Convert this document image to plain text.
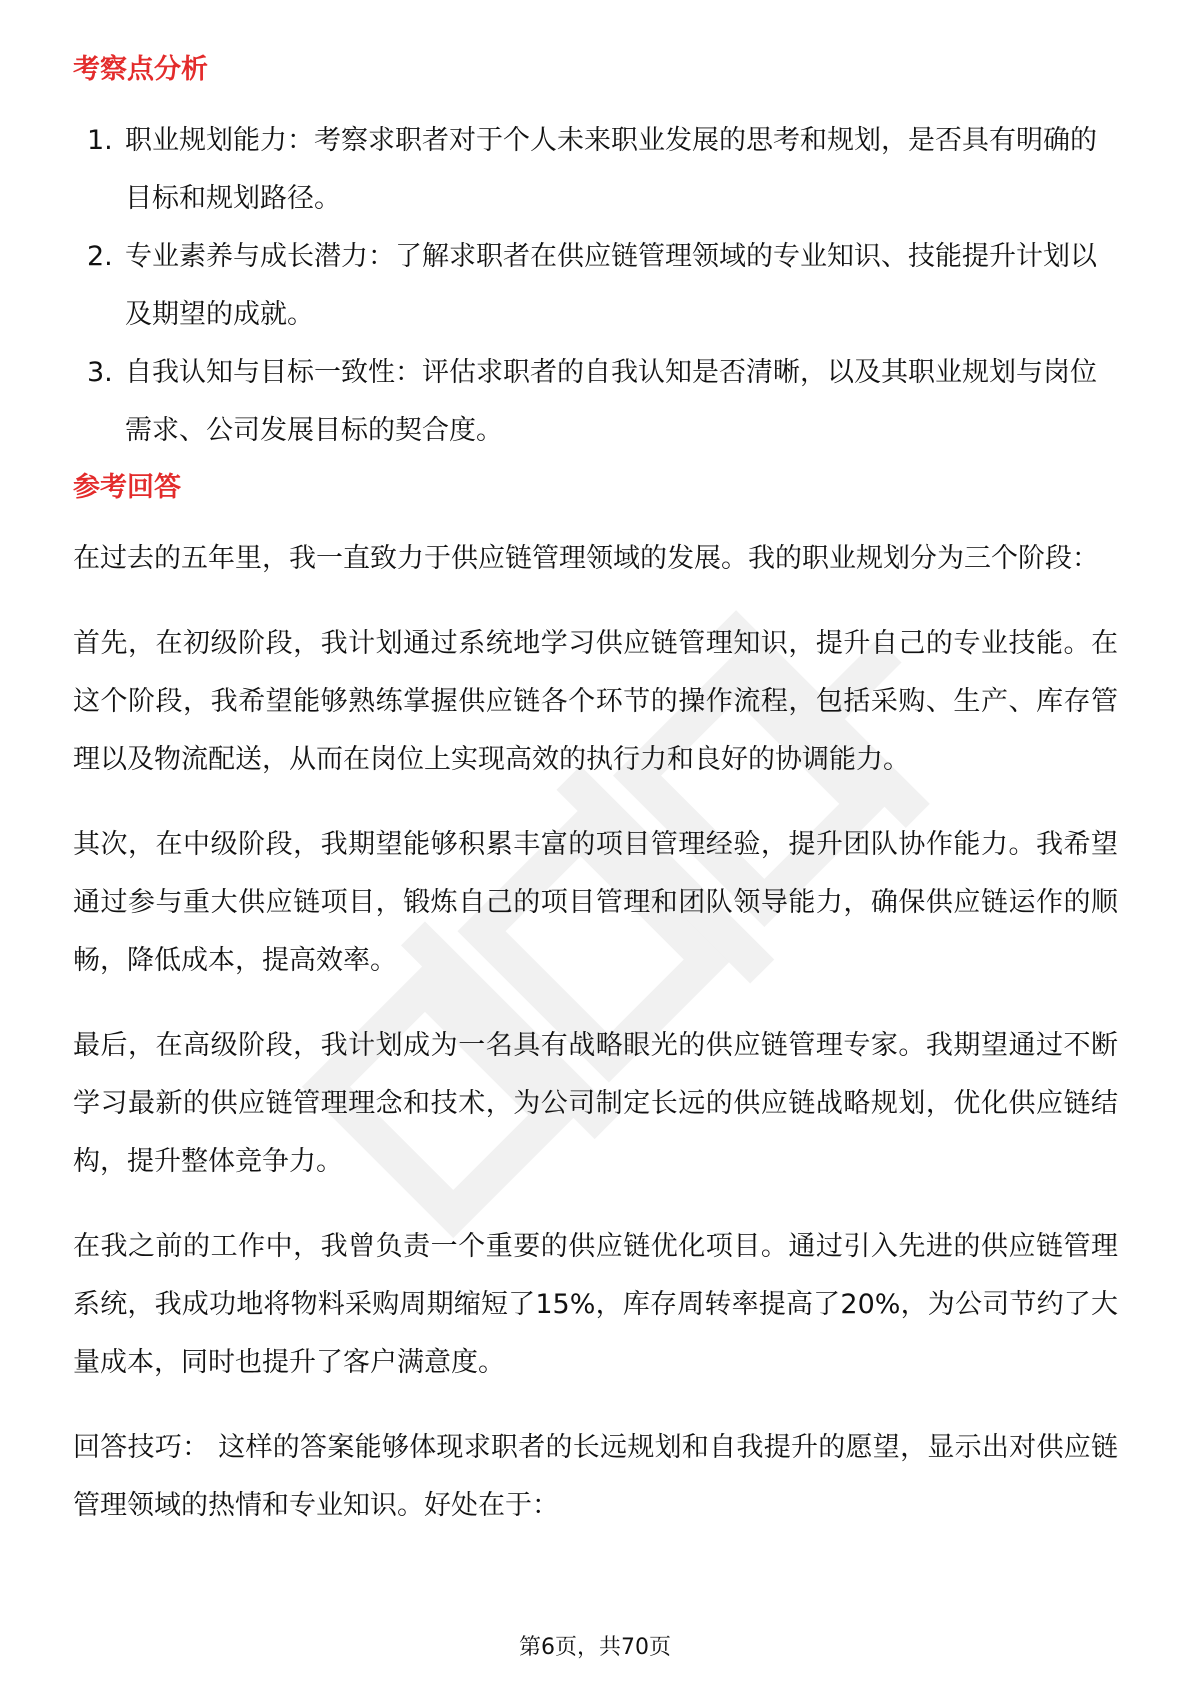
考察点分析
1. 职业规划能力：考察求职者对于个人未来职业发展的思考和规划，是否具有明确的目标和规划路径。
2. 专业素养与成长潜力：了解求职者在供应链管理领域的专业知识、技能提升计划以及期望的成就。
3. 自我认知与目标一致性：评估求职者的自我认知是否清晰，以及其职业规划与岗位需求、公司发展目标的契合度。
参考回答

在过去的五年里，我一直致力于供应链管理领域的发展。我的职业规划分为三个阶段：

首先，在初级阶段，我计划通过系统地学习供应链管理知识，提升自己的专业技能。在这个阶段，我希望能够熟练掌握供应链各个环节的操作流程，包括采购、生产、库存管理以及物流配送，从而在岗位上实现高效的执行力和良好的协调能力。

其次，在中级阶段，我期望能够积累丰富的项目管理经验，提升团队协作能力。我希望通过参与重大供应链项目，锻炼自己的项目管理和团队领导能力，确保供应链运作的顺畅，降低成本，提高效率。

最后，在高级阶段，我计划成为一名具有战略眼光的供应链管理专家。我期望通过不断学习最新的供应链管理理念和技术，为公司制定长远的供应链战略规划，优化供应链结构，提升整体竞争力。

在我之前的工作中，我曾负责一个重要的供应链优化项目。通过引入先进的供应链管理系统，我成功地将物料采购周期缩短了15%，库存周转率提高了20%，为公司节约了大量成本，同时也提升了客户满意度。

回答技巧： 这样的答案能够体现求职者的长远规划和自我提升的愿望，显示出对供应链管理领域的热情和专业知识。好处在于：

第6页，共70页
